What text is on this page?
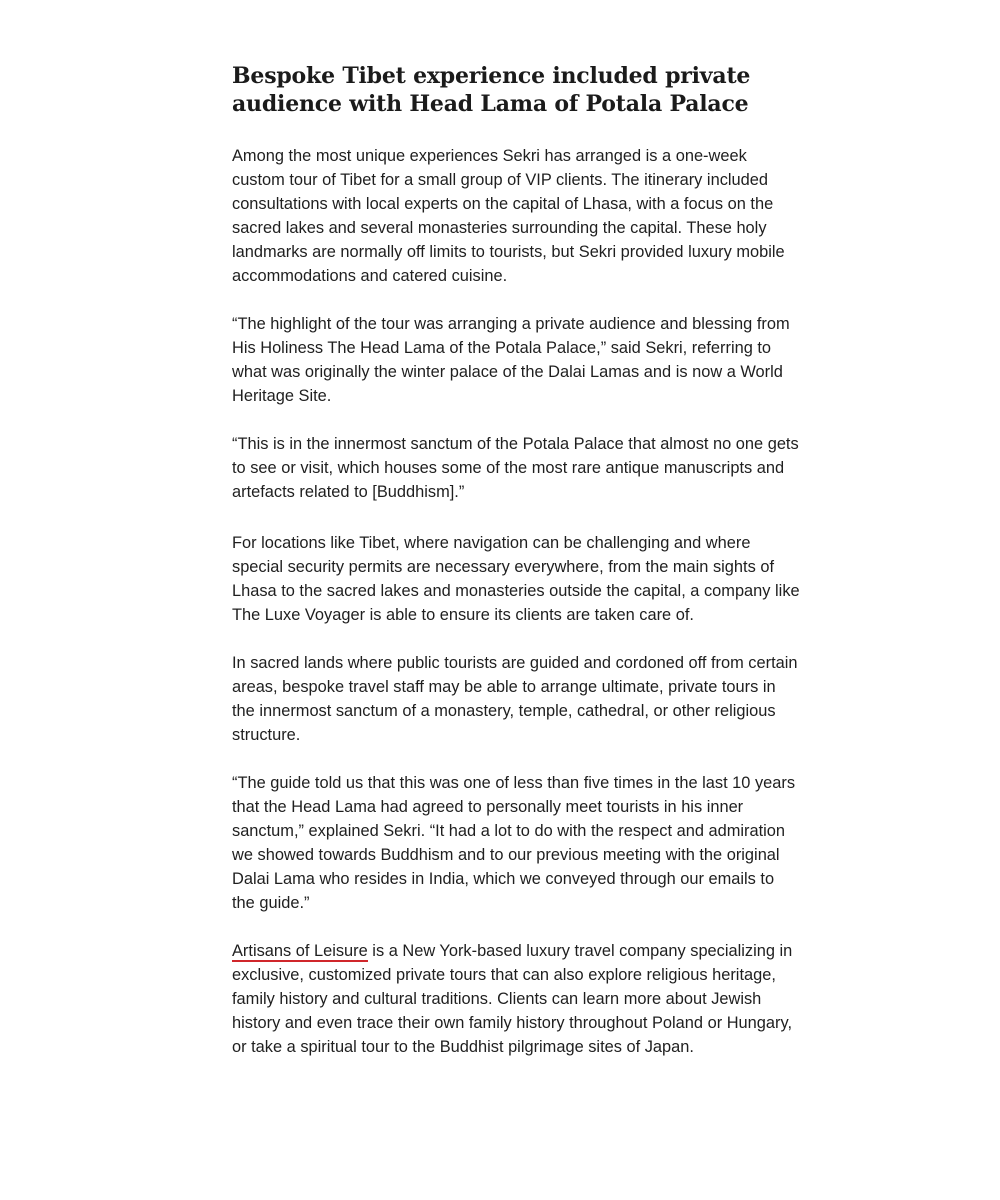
Bespoke Tibet experience included private audience with Head Lama of Potala Palace

Among the most unique experiences Sekri has arranged is a one-week custom tour of Tibet for a small group of VIP clients. The itinerary included consultations with local experts on the capital of Lhasa, with a focus on the sacred lakes and several monasteries surrounding the capital. These holy landmarks are normally off limits to tourists, but Sekri provided luxury mobile accommodations and catered cuisine.

“The highlight of the tour was arranging a private audience and blessing from His Holiness The Head Lama of the Potala Palace,” said Sekri, referring to what was originally the winter palace of the Dalai Lamas and is now a World Heritage Site.

“This is in the innermost sanctum of the Potala Palace that almost no one gets to see or visit, which houses some of the most rare antique manuscripts and artefacts related to [Buddhism].”

For locations like Tibet, where navigation can be challenging and where special security permits are necessary everywhere, from the main sights of Lhasa to the sacred lakes and monasteries outside the capital, a company like The Luxe Voyager is able to ensure its clients are taken care of.

In sacred lands where public tourists are guided and cordoned off from certain areas, bespoke travel staff may be able to arrange ultimate, private tours in the innermost sanctum of a monastery, temple, cathedral, or other religious structure.

“The guide told us that this was one of less than five times in the last 10 years that the Head Lama had agreed to personally meet tourists in his inner sanctum,” explained Sekri. “It had a lot to do with the respect and admiration we showed towards Buddhism and to our previous meeting with the original Dalai Lama who resides in India, which we conveyed through our emails to the guide.”

Artisans of Leisure is a New York-based luxury travel company specializing in exclusive, customized private tours that can also explore religious heritage, family history and cultural traditions. Clients can learn more about Jewish history and even trace their own family history throughout Poland or Hungary, or take a spiritual tour to the Buddhist pilgrimage sites of Japan.
